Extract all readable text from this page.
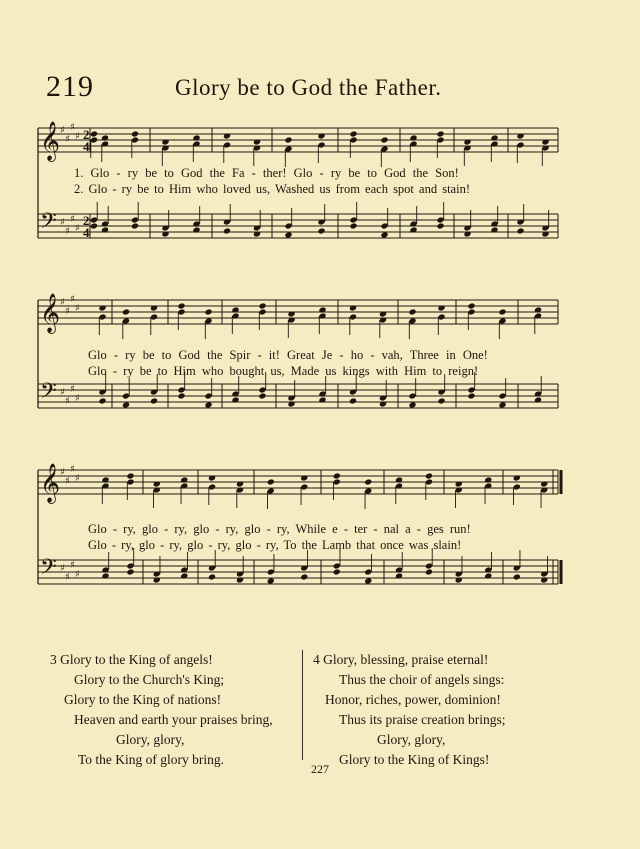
219	Glory be to God the Father.
𝄞 ♯
♯
♯
♯ 2
4
𝄢 ♯
♯
♯
♯
2
4
1. Glo - ry be to God the Fa - ther! Glo - ry be to God the Son!
2. Glo - ry be to Him who loved us, Washed us from each spot and stain!
𝄞 ♯
♯
♯
♯
𝄢 ♯
♯
♯
♯
Glo - ry be to God the Spir - it! Great Je - ho - vah, Three in One!
Glo - ry be to Him who bought us, Made us kings with Him to reign!
𝄞 ♯
♯
♯
♯
𝄢 ♯
♯
♯
♯
Glo - ry, glo - ry, glo - ry, glo - ry, While e - ter - nal a - ges run!
Glo - ry, glo - ry, glo - ry, glo - ry, To the Lamb that once was slain!
3 Glory to the King of angels!
Glory to the Church's King;
Glory to the King of nations!
Heaven and earth your praises bring,
Glory, glory,
To the King of glory bring.
4 Glory, blessing, praise eternal!
Thus the choir of angels sings:
Honor, riches, power, dominion!
Thus its praise creation brings;
Glory, glory,
Glory to the King of Kings!
227
